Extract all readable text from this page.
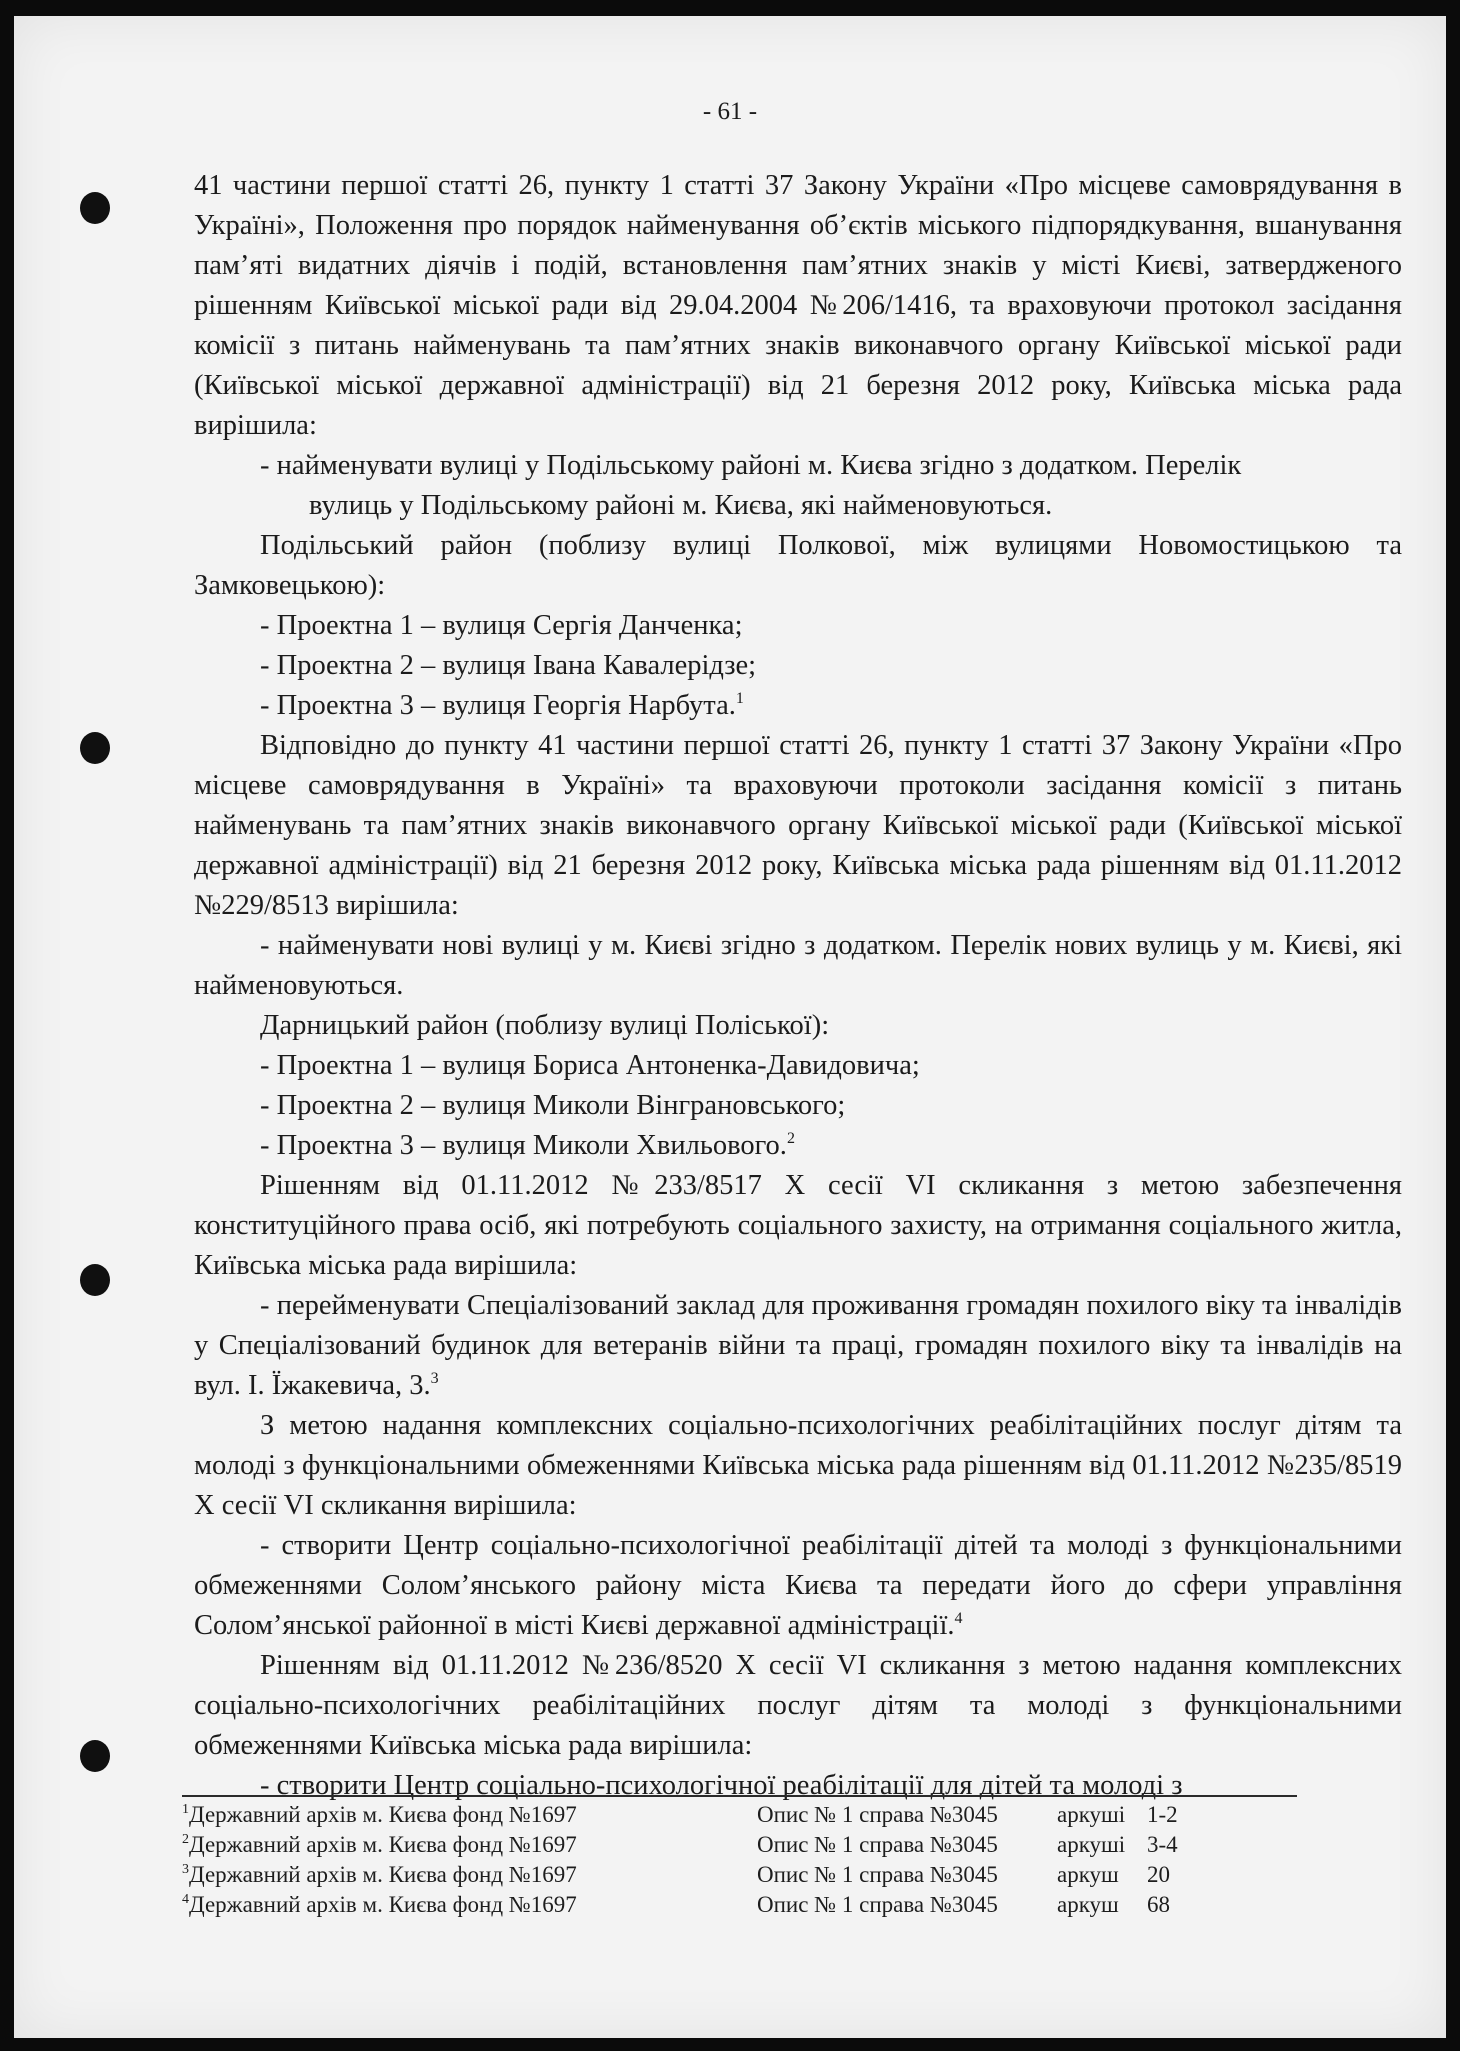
- 61 -

41 частини першої статті 26, пункту 1 статті 37 Закону України «Про місцеве самоврядування в Україні», Положення про порядок найменування об’єктів міського підпорядкування, вшанування пам’яті видатних діячів і подій, встановлення пам’ятних знаків у місті Києві, затвердженого рішенням Київської міської ради від 29.04.2004 №206/1416, та враховуючи протокол засідання комісії з питань найменувань та пам’ятних знаків виконавчого органу Київської міської ради (Київської міської державної адміністрації) від 21 березня 2012 року, Київська міська рада вирішила:

- найменувати вулиці у Подільському районі м. Києва згідно з додатком. Перелік

вулиць у Подільському районі м. Києва, які найменовуються.

Подільський район (поблизу вулиці Полкової, між вулицями Новомостицькою та Замковецькою):

- Проектна 1 – вулиця Сергія Данченка;

- Проектна 2 – вулиця Івана Кавалерідзе;

- Проектна 3 – вулиця Георгія Нарбута.$^1$

Відповідно до пункту 41 частини першої статті 26, пункту 1 статті 37 Закону України «Про місцеве самоврядування в Україні» та враховуючи протоколи засідання комісії з питань найменувань та пам’ятних знаків виконавчого органу Київської міської ради (Київської міської державної адміністрації) від 21 березня 2012 року, Київська міська рада рішенням від 01.11.2012 №229/8513 вирішила:

- найменувати нові вулиці у м. Києві згідно з додатком. Перелік нових вулиць у м. Києві, які найменовуються.

Дарницький район (поблизу вулиці Поліської):

- Проектна 1 – вулиця Бориса Антоненка-Давидовича;

- Проектна 2 – вулиця Миколи Вінграновського;

- Проектна 3 – вулиця Миколи Хвильового.$^2$

Рішенням від 01.11.2012 №233/8517 X сесії VI скликання з метою забезпечення конституційного права осіб, які потребують соціального захисту, на отримання соціального житла, Київська міська рада вирішила:

- перейменувати Спеціалізований заклад для проживання громадян похилого віку та інвалідів у Спеціалізований будинок для ветеранів війни та праці, громадян похилого віку та інвалідів на вул. І. Їжакевича, 3.$^3$

З метою надання комплексних соціально-психологічних реабілітаційних послуг дітям та молоді з функціональними обмеженнями Київська міська рада рішенням від 01.11.2012 №235/8519 X сесії VI скликання вирішила:

- створити Центр соціально-психологічної реабілітації дітей та молоді з функціональними обмеженнями Солом’янського району міста Києва та передати його до сфери управління Солом’янської районної в місті Києві державної адміністрації.$^4$

Рішенням від 01.11.2012 №236/8520 X сесії VI скликання з метою надання комплексних соціально-психологічних реабілітаційних послуг дітям та молоді з функціональними обмеженнями Київська міська рада вирішила:

- створити Центр соціально-психологічної реабілітації для дітей та молоді з

$^1$Державний архів м. Києва фонд №1697	Опис № 1 справа №3045	аркуші 1-2
$^2$Державний архів м. Києва фонд №1697	Опис № 1 справа №3045	аркуші 3-4
$^3$Державний архів м. Києва фонд №1697	Опис № 1 справа №3045	аркуш	20
$^4$Державний архів м. Києва фонд №1697	Опис № 1 справа №3045	аркуш	68
